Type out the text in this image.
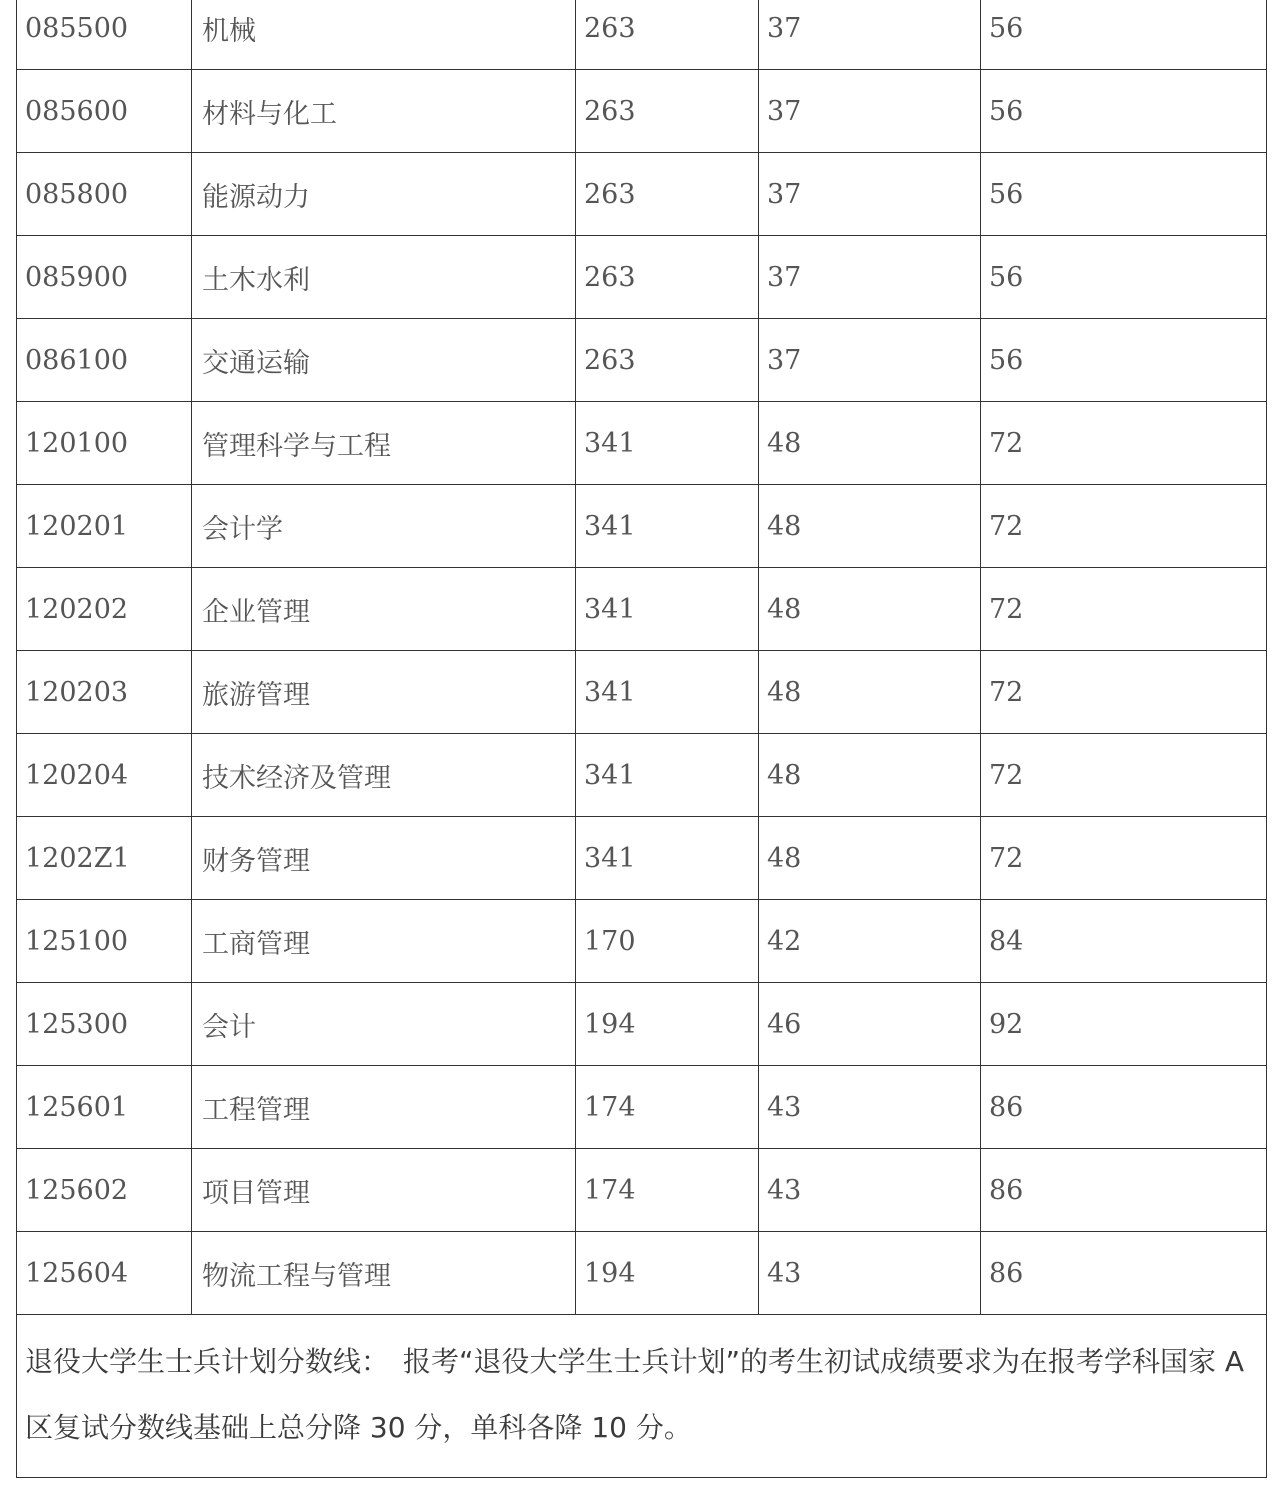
085500	机械	263	37	56
085600	材料与化工	263	37	56
085800	能源动力	263	37	56
085900	土木水利	263	37	56
086100	交通运输	263	37	56
120100	管理科学与工程	341	48	72
120201	会计学	341	48	72
120202	企业管理	341	48	72
120203	旅游管理	341	48	72
120204	技术经济及管理	341	48	72
1202Z1	财务管理	341	48	72
125100	工商管理	170	42	84
125300	会计	194	46	92
125601	工程管理	174	43	86
125602	项目管理	174	43	86
125604	物流工程与管理	194	43	86
退役大学生士兵计划分数线： 报考“退役大学生士兵计划”的考生初试成绩要求为在报考学科国家 A 区复试分数线基础上总分降 30 分，单科各降 10 分。				
